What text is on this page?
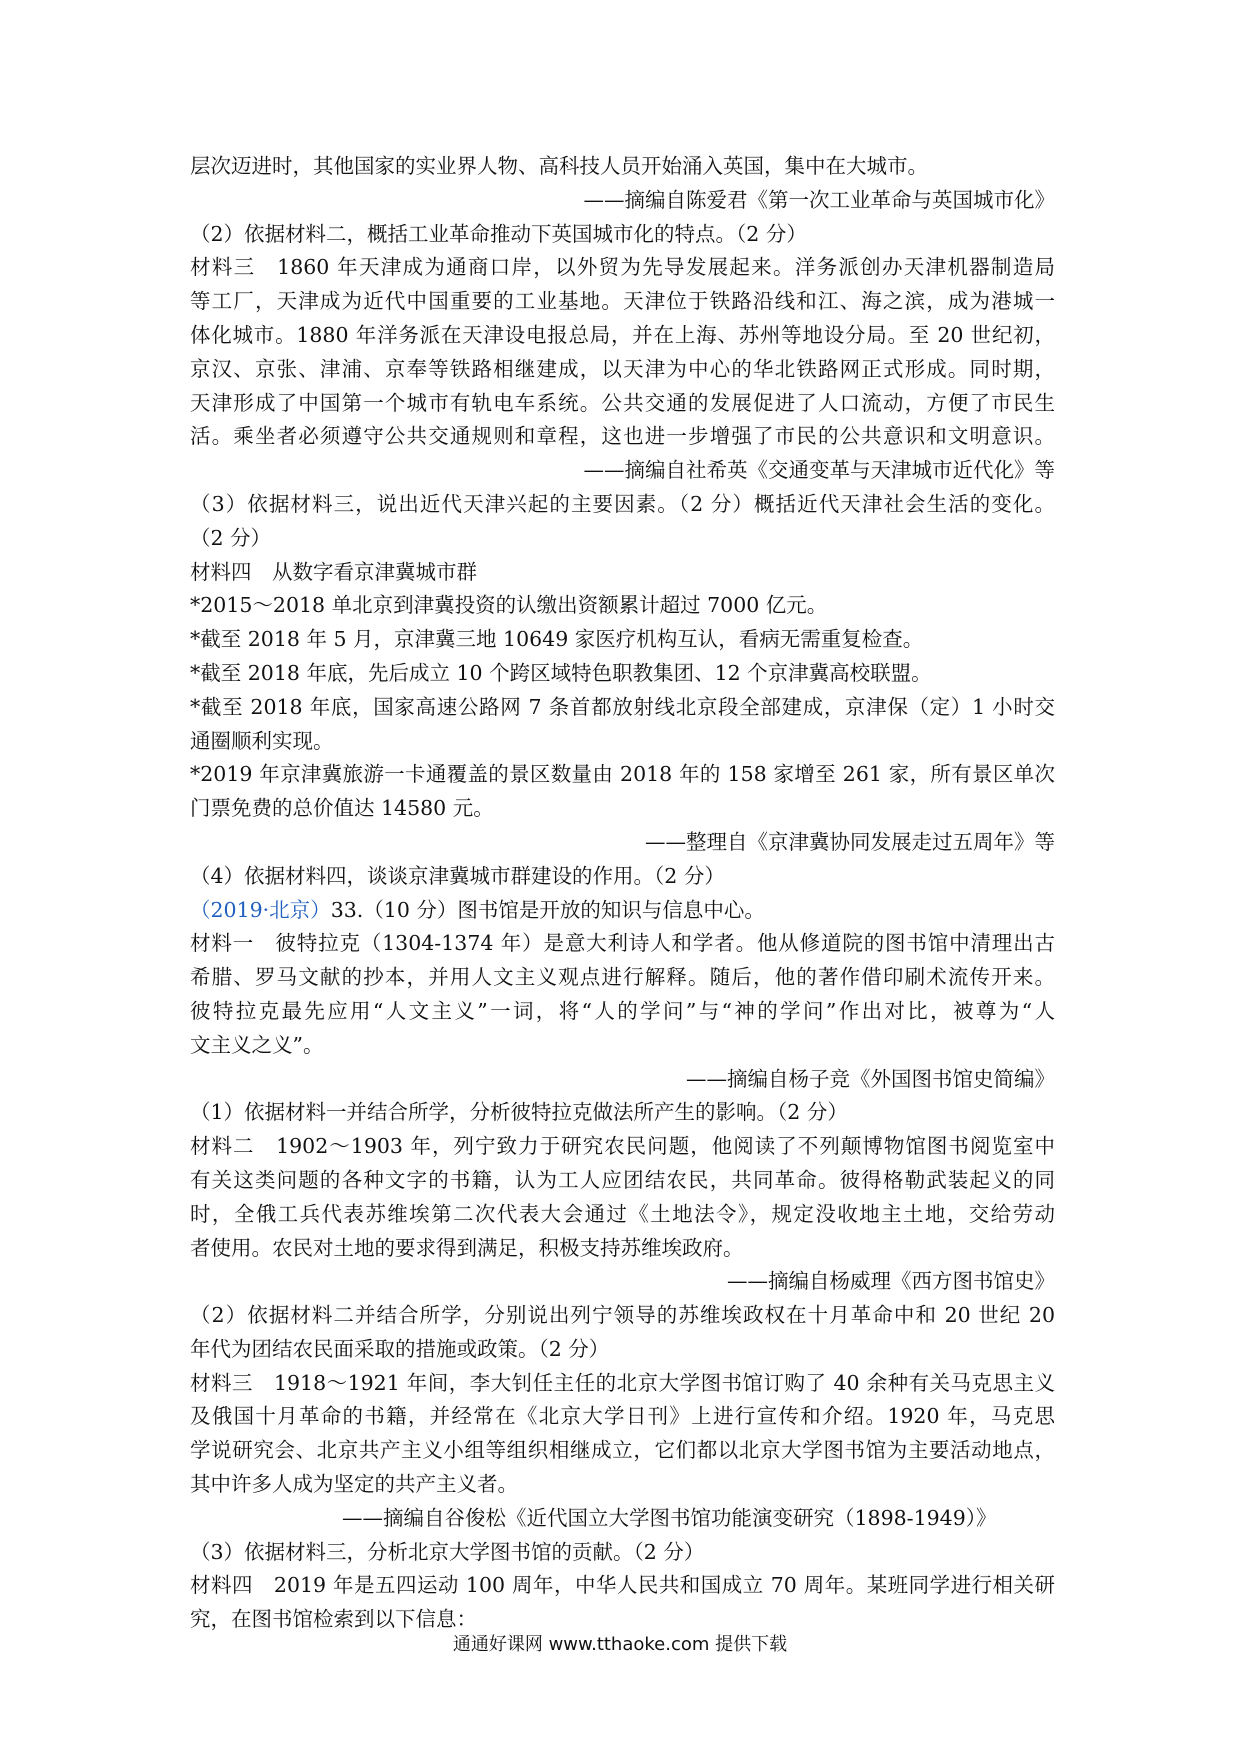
层次迈进时，其他国家的实业界人物、高科技人员开始涌入英国，集中在大城市。
——摘编自陈爱君《第一次工业革命与英国城市化》
（2）依据材料二，概括工业革命推动下英国城市化的特点。（2 分）
材料三　1860 年天津成为通商口岸，以外贸为先导发展起来。洋务派创办天津机器制造局
等工厂，天津成为近代中国重要的工业基地。天津位于铁路沿线和江、海之滨，成为港城一
体化城市。1880 年洋务派在天津设电报总局，并在上海、苏州等地设分局。至 20 世纪初，
京汉、京张、津浦、京奉等铁路相继建成，以天津为中心的华北铁路网正式形成。同时期，
天津形成了中国第一个城市有轨电车系统。公共交通的发展促进了人口流动，方便了市民生
活。乘坐者必须遵守公共交通规则和章程，这也进一步增强了市民的公共意识和文明意识。
——摘编自社希英《交通变革与天津城市近代化》等
（3）依据材料三，说出近代天津兴起的主要因素。（2 分）概括近代天津社会生活的变化。
（2 分）
材料四　从数字看京津冀城市群
*2015～2018 单北京到津冀投资的认缴出资额累计超过 7000 亿元。
*截至 2018 年 5 月，京津冀三地 10649 家医疗机构互认，看病无需重复检查。
*截至 2018 年底，先后成立 10 个跨区域特色职教集团、12 个京津冀高校联盟。
*截至 2018 年底，国家高速公路网 7 条首都放射线北京段全部建成，京津保（定）1 小时交
通圈顺利实现。
*2019 年京津冀旅游一卡通覆盖的景区数量由 2018 年的 158 家增至 261 家，所有景区单次
门票免费的总价值达 14580 元。
——整理自《京津冀协同发展走过五周年》等
（4）依据材料四，谈谈京津冀城市群建设的作用。（2 分）
（2019·北京）33.（10 分）图书馆是开放的知识与信息中心。
材料一　彼特拉克（1304-1374 年）是意大利诗人和学者。他从修道院的图书馆中清理出古
希腊、罗马文献的抄本，并用人文主义观点进行解释。随后，他的著作借印刷术流传开来。
彼特拉克最先应用“人文主义”一词，将“人的学问”与“神的学问”作出对比，被尊为“人
文主义之义”。
——摘编自杨子竞《外国图书馆史简编》
（1）依据材料一并结合所学，分析彼特拉克做法所产生的影响。（2 分）
材料二　1902～1903 年，列宁致力于研究农民问题，他阅读了不列颠博物馆图书阅览室中
有关这类问题的各种文字的书籍，认为工人应团结农民，共同革命。彼得格勒武装起义的同
时，全俄工兵代表苏维埃第二次代表大会通过《土地法令》，规定没收地主土地，交给劳动
者使用。农民对土地的要求得到满足，积极支持苏维埃政府。
——摘编自杨威理《西方图书馆史》
（2）依据材料二并结合所学，分别说出列宁领导的苏维埃政权在十月革命中和 20 世纪 20
年代为团结农民面采取的措施或政策。（2 分）
材料三　1918～1921 年间，李大钊任主任的北京大学图书馆订购了 40 余种有关马克思主义
及俄国十月革命的书籍，并经常在《北京大学日刊》上进行宣传和介绍。1920 年，马克思
学说研究会、北京共产主义小组等组织相继成立，它们都以北京大学图书馆为主要活动地点，
其中许多人成为坚定的共产主义者。
——摘编自谷俊松《近代国立大学图书馆功能演变研究（1898-1949）》
（3）依据材料三，分析北京大学图书馆的贡献。（2 分）
材料四　2019 年是五四运动 100 周年，中华人民共和国成立 70 周年。某班同学进行相关研
究，在图书馆检索到以下信息：
通通好课网 www.tthaoke.com 提供下载
